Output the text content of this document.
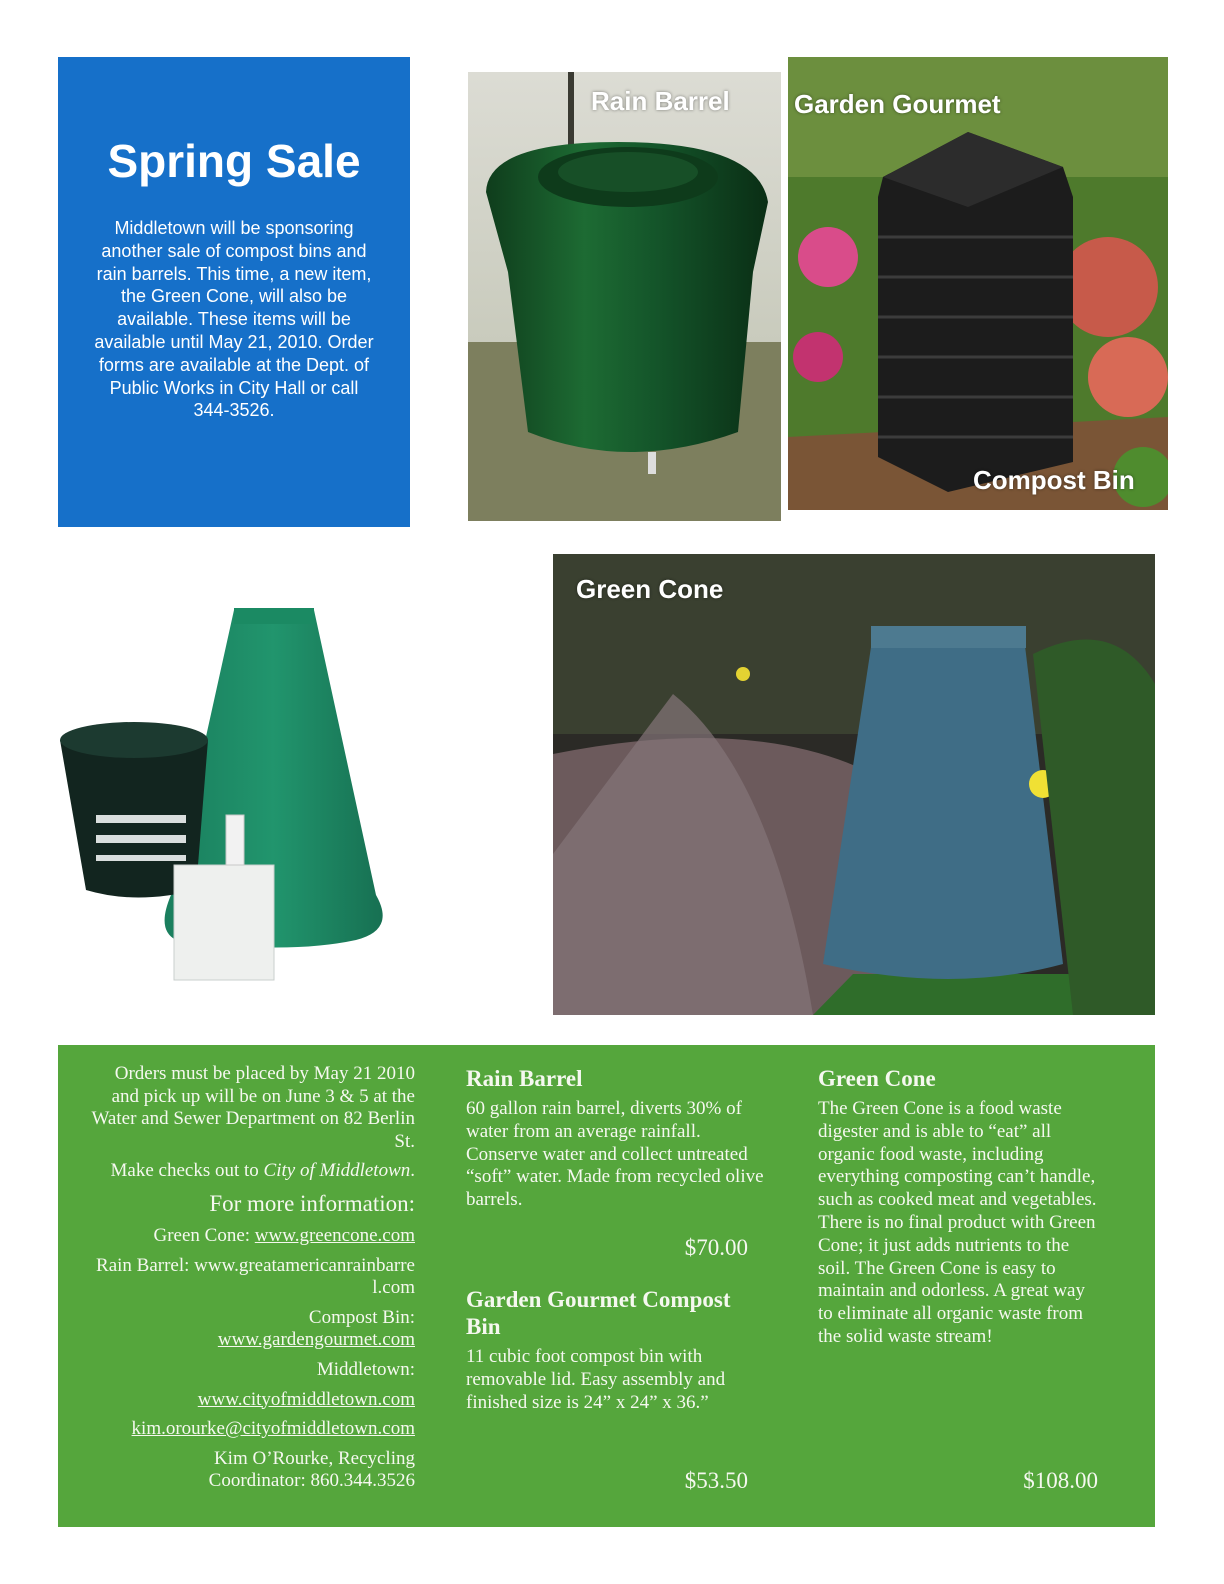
Spring Sale
Middletown will be sponsoring another sale of compost bins and rain barrels. This time, a new item, the Green Cone, will also be available. These items will be available until May 21, 2010. Order forms are available at the Dept. of Public Works in City Hall or call 344-3526.
Rain Barrel Garden Gourmet
Compost Bin
Green Cone

Orders must be placed by May 21 2010 and pick up will be on June 3 & 5 at the Water and Sewer Department on 82 Berlin St.

Make checks out to City of Middletown.

For more information:

Green Cone: www.greencone.com

Rain Barrel: www.greatamericanrainbarrel.com

Compost Bin:
www.gardengourmet.com

Middletown:

www.cityofmiddletown.com

kim.orourke@cityofmiddletown.com

Kim O’Rourke, Recycling
Coordinator: 860.344.3526

Rain Barrel

60 gallon rain barrel, diverts 30% of water from an average rainfall. Conserve water and collect untreated “soft” water. Made from recycled olive barrels.

$70.00
Garden Gourmet Compost Bin

11 cubic foot compost bin with removable lid. Easy assembly and finished size is 24” x 24” x 36.”

$53.50
Green Cone

The Green Cone is a food waste digester and is able to “eat” all organic food waste, including everything composting can’t handle, such as cooked meat and vegetables. There is no final product with Green Cone; it just adds nutrients to the soil. The Green Cone is easy to maintain and odorless. A great way to eliminate all organic waste from the solid waste stream!

$108.00
